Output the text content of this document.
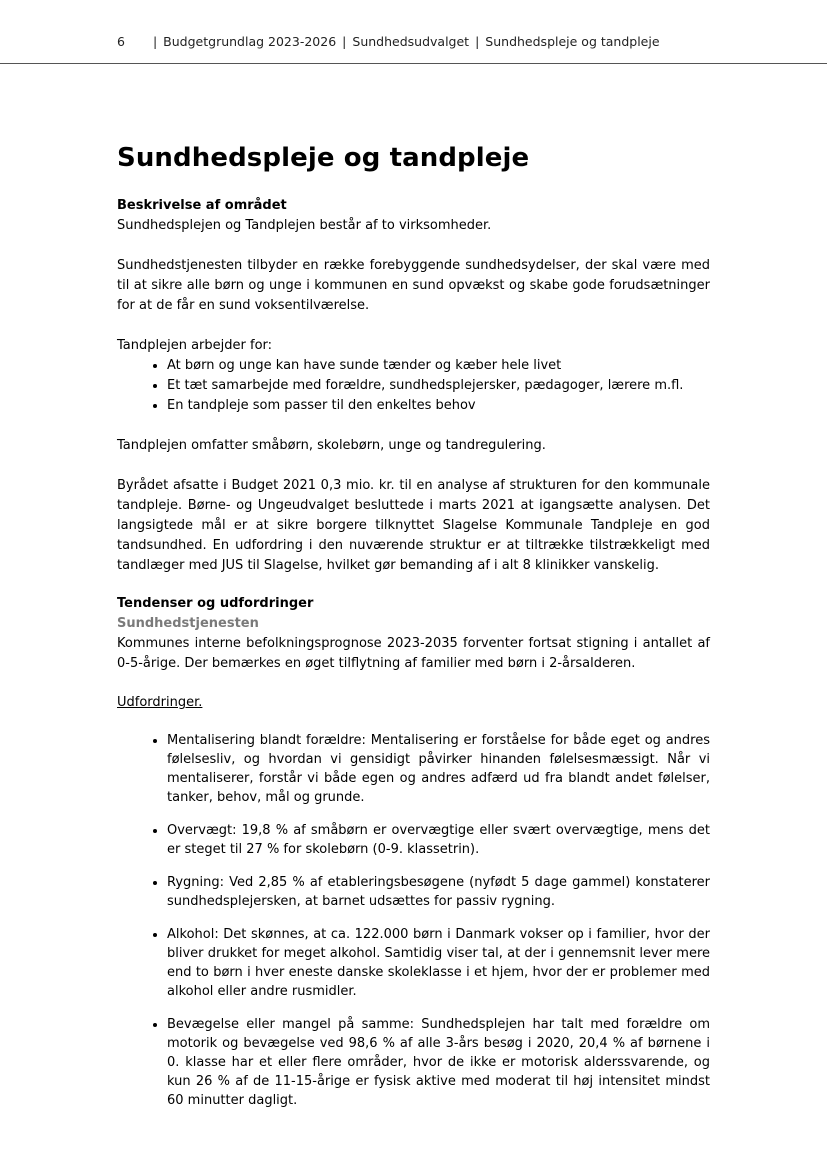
6 | Budgetgrundlag 2023-2026 | Sundhedsudvalget | Sundhedspleje og tandpleje
Sundhedspleje og tandpleje

Beskrivelse af området

Sundhedsplejen og Tandplejen består af to virksomheder.

Sundhedstjenesten tilbyder en række forebyggende sundhedsydelser, der skal være med til at sikre alle børn og unge i kommunen en sund opvækst og skabe gode forudsætninger for at de får en sund voksentilværelse.

Tandplejen arbejder for:

• At børn og unge kan have sunde tænder og kæber hele livet
• Et tæt samarbejde med forældre, sundhedsplejersker, pædagoger, lærere m.fl.
• En tandpleje som passer til den enkeltes behov

Tandplejen omfatter småbørn, skolebørn, unge og tandregulering.

Byrådet afsatte i Budget 2021 0,3 mio. kr. til en analyse af strukturen for den kommunale tandpleje. Børne- og Ungeudvalget besluttede i marts 2021 at igangsætte analysen. Det langsigtede mål er at sikre borgere tilknyttet Slagelse Kommunale Tandpleje en god tandsundhed. En udfordring i den nuværende struktur er at tiltrække tilstrækkeligt med tandlæger med JUS til Slagelse, hvilket gør bemanding af i alt 8 klinikker vanskelig.

Tendenser og udfordringer

Sundhedstjenesten

Kommunes interne befolkningsprognose 2023-2035 forventer fortsat stigning i antallet af 0-5-årige. Der bemærkes en øget tilflytning af familier med børn i 2-årsalderen.

Udfordringer.

• Mentalisering blandt forældre: Mentalisering er forståelse for både eget og andres følelsesliv, og hvordan vi gensidigt påvirker hinanden følelsesmæssigt. Når vi mentaliserer, forstår vi både egen og andres adfærd ud fra blandt andet følelser, tanker, behov, mål og grunde.
• Overvægt: 19,8 % af småbørn er overvægtige eller svært overvægtige, mens det er steget til 27 % for skolebørn (0-9. klassetrin).
• Rygning: Ved 2,85 % af etableringsbesøgene (nyfødt 5 dage gammel) konstaterer sundhedsplejersken, at barnet udsættes for passiv rygning.
• Alkohol: Det skønnes, at ca. 122.000 børn i Danmark vokser op i familier, hvor der bliver drukket for meget alkohol. Samtidig viser tal, at der i gennemsnit lever mere end to børn i hver eneste danske skoleklasse i et hjem, hvor der er problemer med alkohol eller andre rusmidler.
• Bevægelse eller mangel på samme: Sundhedsplejen har talt med forældre om motorik og bevægelse ved 98,6 % af alle 3-års besøg i 2020, 20,4 % af børnene i 0. klasse har et eller flere områder, hvor de ikke er motorisk alderssvarende, og kun 26 % af de 11-15-årige er fysisk aktive med moderat til høj intensitet mindst 60 minutter dagligt.
